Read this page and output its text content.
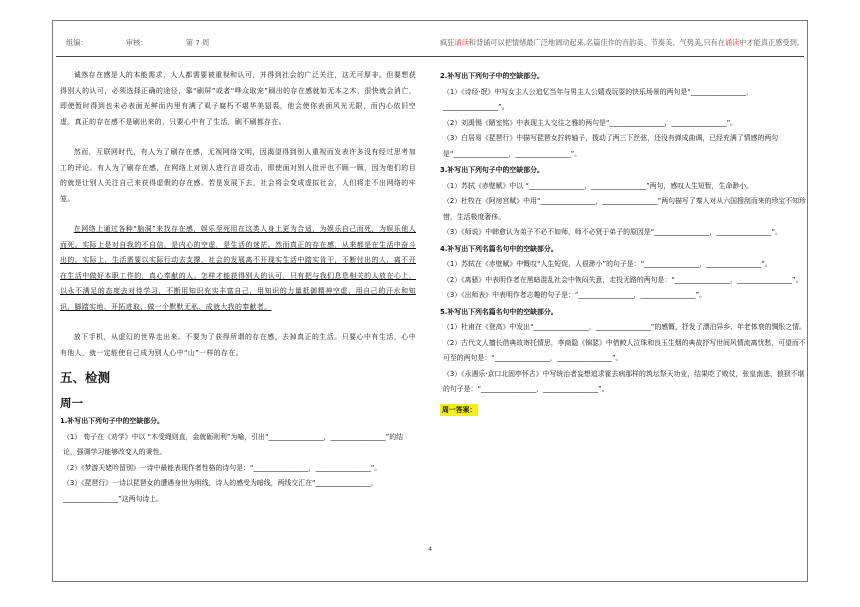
组编：	审核：	第 7 周	疯狂诵读和背诵可以把情绪最广泛地调动起来,名篇佳作的音韵美、节奏美、气势美,只有在诵读中才能真正感受到。

诚然存在感是人的本能需求，人人都需要被重视和认可，并得到社会的广泛关注，这无可厚非。但要想获得别人的认可，必须选择正确的途径，靠“刷屏”或者“哗众取宠”刷出的存在感就如无本之木，很快就会消亡，即使暂时得到也未必表面光鲜而内里有满了虱子腐朽不堪华美貂裘，他会使你表面风光无限，而内心依旧空虚。真正的存在感不是刷出来的，只要心中有了生活，刷不刷都存在。

然而，互联网时代，有人为了刷存在感，无视网络文明，因渴望得到别人重视而发表许多没有经过思考加工的评论。有人为了刷存在感，在网络上对别人进行言语攻击，即使面对别人批评也不顾一顾，因为他们的目的就是让别人关注自己来获得虚假的存在感。若是发展下去，社会将会变成虚拟社会，人们将走不出网络的牢笼。

在网络上通过各种“脑洞”来找存在感，娱乐至死用在这类人身上更为合适，为娱乐自己而死，为娱乐他人而死。实际上是对自我的不自信，是内心的空虚，是生活的迷茫。然而真正的存在感，从来都是在生活中奋斗出的。实际上，生活需要以实际行动去支撑，社会的发展离不开现实生活中踏实肯干，不断付出的人，离不开在生活中做好本职工作的，真心奉献的人。怎样才能获得别人的认可，只有把与我们息息相关的人放在心上，以永不满足的态度去对待学习，不断用知识充实丰富自己，用知识的力量抵御精神空虚，用自己的汗水和知识，脚踏实地、开拓进取，做一个默默无私、成就大我的奉献者。

放下手机，从虚幻的世界走出来。不要为了获得所谓的存在感，去掉真正的生活。只要心中有生活，心中有他人，就一定能使自己成为别人心中“山”一样的存在。

五、检测
周一
1.补写出下列句子中的空缺部分。

（1） 荀子在《劝学》中以 “木受绳则直，金就砺则利”为喻，引出“________________，________________”的结论，强调学习能够改变人的秉性。

（2）《梦游天姥吟留别》一诗中最能表现作者性格的诗句是：“________________，________________”。

（3）《琵琶行》一诗以琵琶女的遭遇身世为明线，诗人的感受为暗线，两线交汇在“________________，________________”这两句诗上。

2.补写出下列句子中的空缺部分。

（1）《诗经·氓》中写女主人公追忆当年与男主人公嬉戏玩耍的快乐场景的两句是“________________，________________”。

（2）刘禹锡《陋室铭》中表现主人交往之雅的两句是“________________，________________”。

（3）白居易《琵琶行》中描写琵琶女拧转轴子，拨动了两三下丝弦，还没有弹成曲调，已经充满了情感的两句是“________________，________________”。

3.补写出下列句子中的空缺部分。

（1）苏轼《赤壁赋》中以 “________________，________________”两句，感叹人生短暂，生命渺小。

（2）杜牧在《阿房宫赋》中用“________________，________________”两句描写了秦人对从六国搜刮而来的珍宝不知珍惜，生活极度奢侈。

（3）《师说》中韩愈认为弟子不必不如师，师不必贤于弟子的原因是“________________，________________”。

4.补写出下列名篇名句中的空缺部分。

（1）苏轼在《赤壁赋》中慨叹“人生短促，人很渺小”的句子是：“________________，________________”。

（2）《离骚》中表明作者在黑暗混乱社会中恢闷失意，走投无路的两句是：“________________，________________”。

（3）《出师表》中表明作者志趣的句子是：“________________，________________”。

5.补写出下列名篇名句中的空缺部分。

（1）杜甫在《登高》中发出“________________，________________”的感慨，抒发了漂泊异乡、年老体衰的惆怅之情。

（2）古代文人擅长借典故寄托情思，李商隐《锦瑟》中借鲛人泣珠和良玉生烟的典故抒写世间风情流离忧愁，可望而不可至的两句是：“________________，________________”。

（3）《永遇乐·京口北固亭怀古》中写统治者妄想追求霍去病那样的筑坛祭天功业，结果吃了败仗，张皇南逃，狼狈不堪的句子是：“________________，________________”。

周一答案：
4
